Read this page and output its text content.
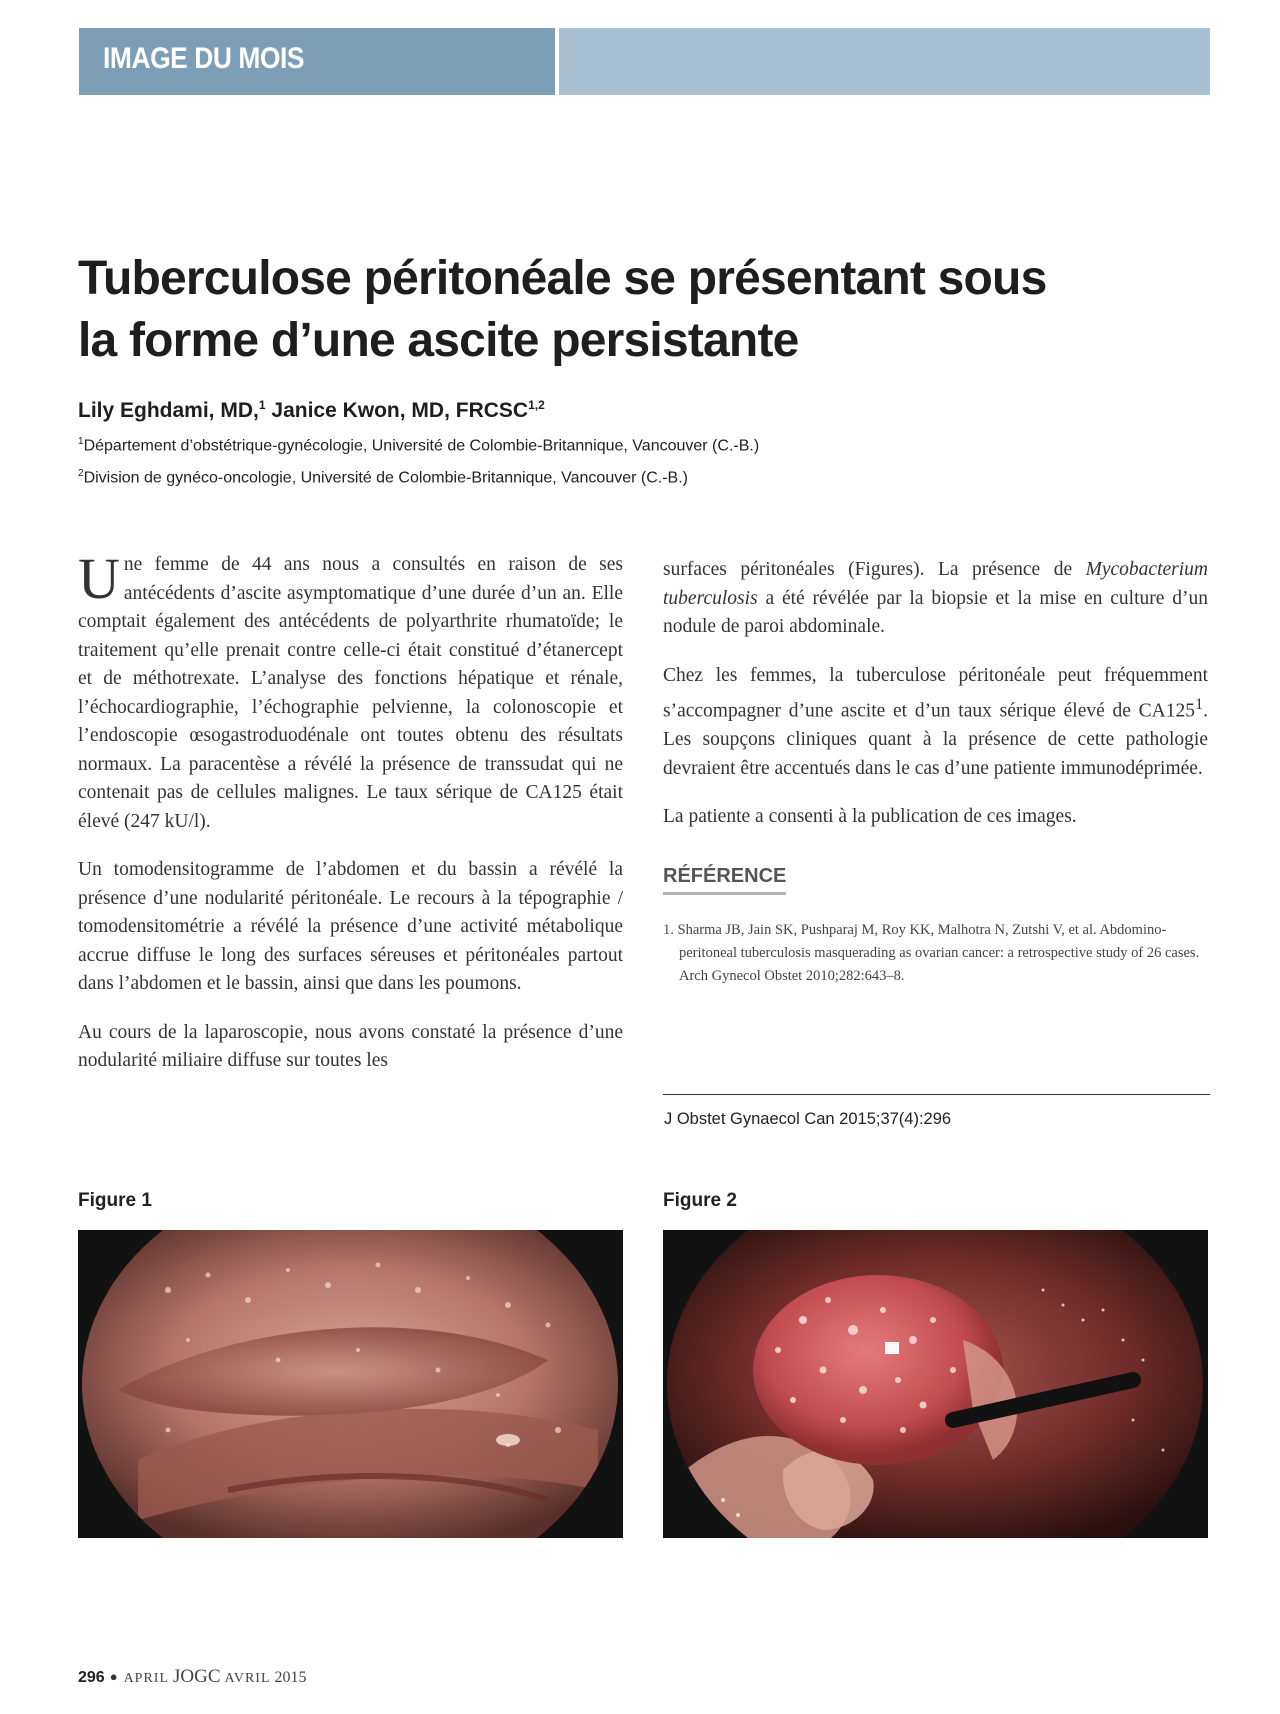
IMAGE DU MOIS
Tuberculose péritonéale se présentant sous
la forme d’une ascite persistante
Lily Eghdami, MD,$^1$ Janice Kwon, MD, FRCSC$^{1,2}$
$^1$Département d’obstétrique-gynécologie, Université de Colombie-Britannique, Vancouver (C.-B.)
$^2$Division de gynéco-oncologie, Université de Colombie-Britannique, Vancouver (C.-B.)

Une femme de 44 ans nous a consultés en raison de ses antécédents d’ascite asymptomatique d’une durée d’un an. Elle comptait également des antécédents de polyarthrite rhumatoïde; le traitement qu’elle prenait contre celle-ci était constitué d’étanercept et de méthotrexate. L’analyse des fonctions hépatique et rénale, l’échocardiographie, l’échographie pelvienne, la colonoscopie et l’endoscopie œsogastroduodénale ont toutes obtenu des résultats normaux. La paracentèse a révélé la présence de transsudat qui ne contenait pas de cellules malignes. Le taux sérique de CA125 était élevé (247 kU/l).

Un tomodensitogramme de l’abdomen et du bassin a révélé la présence d’une nodularité péritonéale. Le recours à la tépographie / tomodensitométrie a révélé la présence d’une activité métabolique accrue diffuse le long des surfaces séreuses et péritonéales partout dans l’abdomen et le bassin, ainsi que dans les poumons.

Au cours de la laparoscopie, nous avons constaté la présence d’une nodularité miliaire diffuse sur toutes les

surfaces péritonéales (Figures). La présence de Mycobacterium tuberculosis a été révélée par la biopsie et la mise en culture d’un nodule de paroi abdominale.

Chez les femmes, la tuberculose péritonéale peut fréquemment s’accompagner d’une ascite et d’un taux sérique élevé de $CA125^1$. Les soupçons cliniques quant à la présence de cette pathologie devraient être accentués dans le cas d’une patiente immunodéprimée.

La patiente a consenti à la publication de ces images.

RÉFÉRENCE
1. Sharma JB, Jain SK, Pushparaj M, Roy KK, Malhotra N, Zutshi V, et al. Abdomino-peritoneal tuberculosis masquerading as ovarian cancer: a retrospective study of 26 cases. Arch Gynecol Obstet 2010;282:643–8.
J Obstet Gynaecol Can 2015;37(4):296
Figure 1	Figure 2
296 ● APRIL JOGC AVRIL 2015
